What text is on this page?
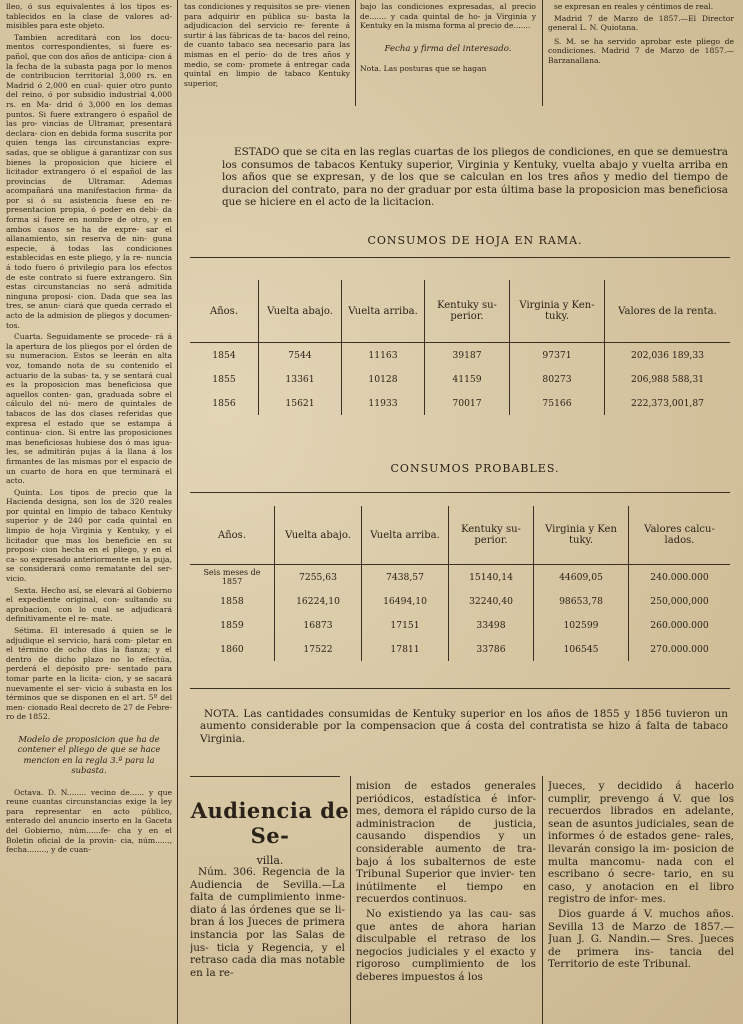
lleo, ó sus equivalentes á los tipos es- tablecidos en la clase de valores ad- misibles para este objeto.

Tambien acreditará con los docu- mentos correspondientes, si fuere es- pañol, que con dos años de anticipa- cion á la fecha de la subasta paga por lo menos de contribucion territorial 3,000 rs. en Madrid ó 2,000 en cual- quier otro punto del reino, ó por subsidio industrial 4,000 rs. en Ma- drid ó 3,000 en los demas puntos. Si fuere extrangero ó español de las pro- vincias de Ultramar, presentará declara- cion en debida forma suscrita por quien tenga las circunstancias expre- sadas, que se obligue á garantizar con sus bienes la proposicion que hiciere el licitador extrangero ó el español de las provincias de Ultramar. Ademas acompañará una manifestacion firma- da por si ó su asistencia fuese en re- presentacion propia, ó poder en debi- da forma si fuere en nombre de otro, y en ambos casos se ha de expre- sar el allanamiento, sin reserva de nin- guna especie, á todas las condiciones establecidas en este pliego, y la re- nuncia á todo fuero ó privilegio para los efectos de este contrato si fuere extrangero. Sin estas circunstancias no será admitida ninguna proposi- cion. Dada que sea las tres, se anun- ciará que queda cerrado el acto de la admision de pliegos y documen- tos.

Cuarta. Seguidamente se procede- rá á la apertura de los pliegos por el órden de su numeracion. Estos se leerán en alta voz, tomando nota de su contenido el actuario de la subas- ta, y se sentará cual es la proposicion mas beneficiosa que aquellos conten- gan, graduada sobre el cálculo del nú- mero de quintales de tabacos de las dos clases referidas que expresa el estado que se estampa á continua- cion. Si entre las proposiciones mas beneficiosas hubiese dos ó mas igua- les, se admitirán pujas á la llana á los firmantes de las mismas por el espacio de un cuarto de hora en que terminará el acto.

Quinta. Los tipos de precio que la Hacienda designa, son los de 320 reales por quintal en limpio de tabaco Kentuky superior y de 240 por cada quintal en limpio de hoja Virginia y Kentuky, y el licitador que mas los beneficie en su proposi- cion hecha en el pliego, y en el ca- so expresado anteriormente en la puja, se considerará como rematante del ser- vicio.

Sexta. Hecho así, se elevará al Gobierno el expediente original, con- sultando su aprobacion, con lo cual se adjudicará definitivamente el re- mate.

Sétima. El interesado á quien se le adjudique el servicio, hará com- pletar en el término de ocho dias la fianza; y el dentro de dicho plazo no lo efectúa, perderá el depósito pre- sentado para tomar parte en la licita- cion, y se sacará nuevamente el ser- vicio á subasta en los términos que se disponen en el art. 5º del men- cionado Real decreto de 27 de Febre- ro de 1852.

Modelo de proposicion que ha de contener el pliego de que se hace mencion en la regla 3.ª para la subasta.

Octava. D. N........ vecino de...... y que reune cuantas circunstancias exige la ley para representar en acto público, enterado del anuncio inserto en la Gaceta del Gobierno, núm......fe- cha y en el Boletin oficial de la provin- cia, núm......, fecha........, y de cuan-

tas condiciones y requisitos se pre- vienen para adquirir en pública su- basta la adjudicacion del servicio re- ferente á surtir á las fábricas de ta- bacos del reino, de cuanto tabaco sea necesario para las mismas en el perío- do de tres años y medio, se com- promete á entregar cada quintal en limpio de tabaco Kentuky superior,

bajo las condiciones expresadas, al precio de....... y cada quintal de ho- ja Virginia y Kentuky en la misma forma al precio de.......

Fecha y firma del interesado.

Nota. Las posturas que se hagan

se expresan en reales y céntimos de real.

Madrid 7 de Marzo de 1857.—El Director general L. N. Quiotana.

S. M. se ha servido aprobar este pliego de condiciones. Madrid 7 de Marzo de 1857.—Barzanallana.

ESTADO que se cita en las reglas cuartas de los pliegos de condiciones, en que se demuestra los consumos de tabacos Kentuky superior, Virginia y Kentuky, vuelta abajo y vuelta arriba en los años que se expresan, y de los que se calculan en los tres años y medio del tiempo de duracion del contrato, para no der graduar por esta última base la proposicion mas beneficiosa que se hiciere en el acto de la licitacion.

CONSUMOS DE HOJA EN RAMA.
Años.	Vuelta abajo.	Vuelta arriba.	Kentuky su- perior.	Virginia y Ken- tuky.	Valores de la renta.
1854	7544	11163	39187	97371	202,036 189,33
1855	13361	10128	41159	80273	206,988 588,31
1856	15621	11933	70017	75166	222,373,001,87
CONSUMOS PROBABLES.
Años.	Vuelta abajo.	Vuelta arriba.	Kentuky su- perior.	Virginia y Ken tuky.	Valores calcu- lados.
Seis meses de 1857	7255,63	7438,57	15140,14	44609,05	240.000.000
1858	16224,10	16494,10	32240,40	98653,78	250,000,000
1859	16873	17151	33498	102599	260.000.000
1860	17522	17811	33786	106545	270.000.000

NOTA. Las cantidades consumidas de Kentuky superior en los años de 1855 y 1856 tuvieron un aumento considerable por la compensacion que á costa del contratista se hizo á falta de tabaco Virginia.

Audiencia de Se-
villa.

Núm. 306. Regencia de la Audiencia de Sevilla.—La falta de cumplimiento inme- diato á las órdenes que se li- bran á los Jueces de primera instancia por las Salas de jus- ticia y Regencia, y el retraso cada dia mas notable en la re-

mision de estados generales periódicos, estadística é infor- mes, demora el rápido curso de la administracion de justicia, causando dispendios y un considerable aumento de tra- bajo á los subalternos de este Tribunal Superior que invier- ten inútilmente el tiempo en recuerdos continuos.

No existiendo ya las cau- sas que antes de ahora harian disculpable el retraso de los negocios judiciales y el exacto y rigoroso cumplimiento de los deberes impuestos á los

Jueces, y decidido á hacerlo cumplir, prevengo á V. que los recuerdos librados en adelante, sean de asuntos judiciales, sean de informes ó de estados gene- rales, llevarán consigo la im- posicion de multa mancomu- nada con el escribano ó secre- tario, en su caso, y anotacion en el libro registro de infor- mes.

Dios guarde á V. muchos años. Sevilla 13 de Marzo de 1857.—Juan J. G. Nandin.— Sres. Jueces de primera ins- tancia del Territorio de este Tribunal.
